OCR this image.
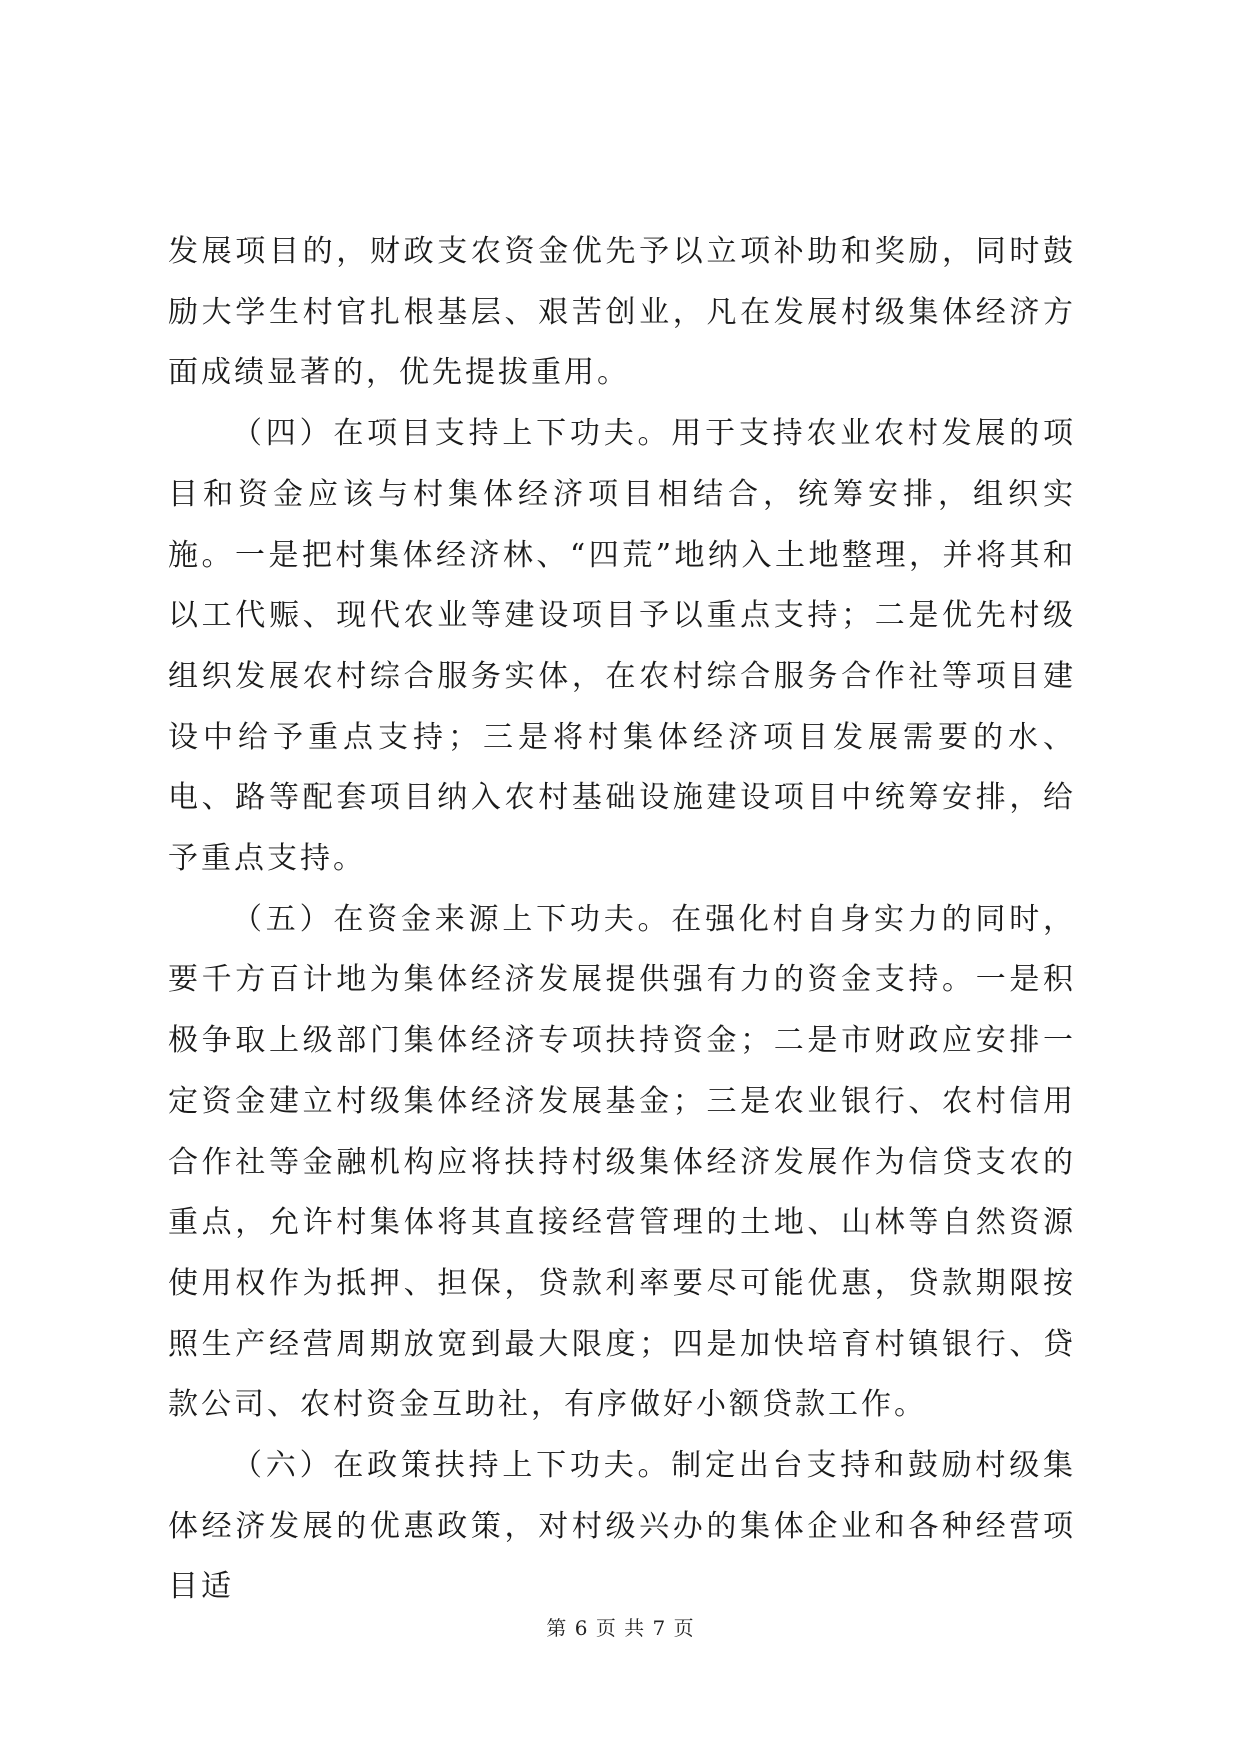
发展项目的，财政支农资金优先予以立项补助和奖励，同时鼓励大学生村官扎根基层、艰苦创业，凡在发展村级集体经济方面成绩显著的，优先提拔重用。

（四）在项目支持上下功夫。用于支持农业农村发展的项目和资金应该与村集体经济项目相结合，统筹安排，组织实施。一是把村集体经济林、“四荒”地纳入土地整理，并将其和以工代赈、现代农业等建设项目予以重点支持；二是优先村级组织发展农村综合服务实体，在农村综合服务合作社等项目建设中给予重点支持；三是将村集体经济项目发展需要的水、电、路等配套项目纳入农村基础设施建设项目中统筹安排，给予重点支持。

（五）在资金来源上下功夫。在强化村自身实力的同时，要千方百计地为集体经济发展提供强有力的资金支持。一是积极争取上级部门集体经济专项扶持资金；二是市财政应安排一定资金建立村级集体经济发展基金；三是农业银行、农村信用合作社等金融机构应将扶持村级集体经济发展作为信贷支农的重点，允许村集体将其直接经营管理的土地、山林等自然资源使用权作为抵押、担保，贷款利率要尽可能优惠，贷款期限按照生产经营周期放宽到最大限度；四是加快培育村镇银行、贷款公司、农村资金互助社，有序做好小额贷款工作。

（六）在政策扶持上下功夫。制定出台支持和鼓励村级集体经济发展的优惠政策，对村级兴办的集体企业和各种经营项目适

第 6 页 共 7 页
